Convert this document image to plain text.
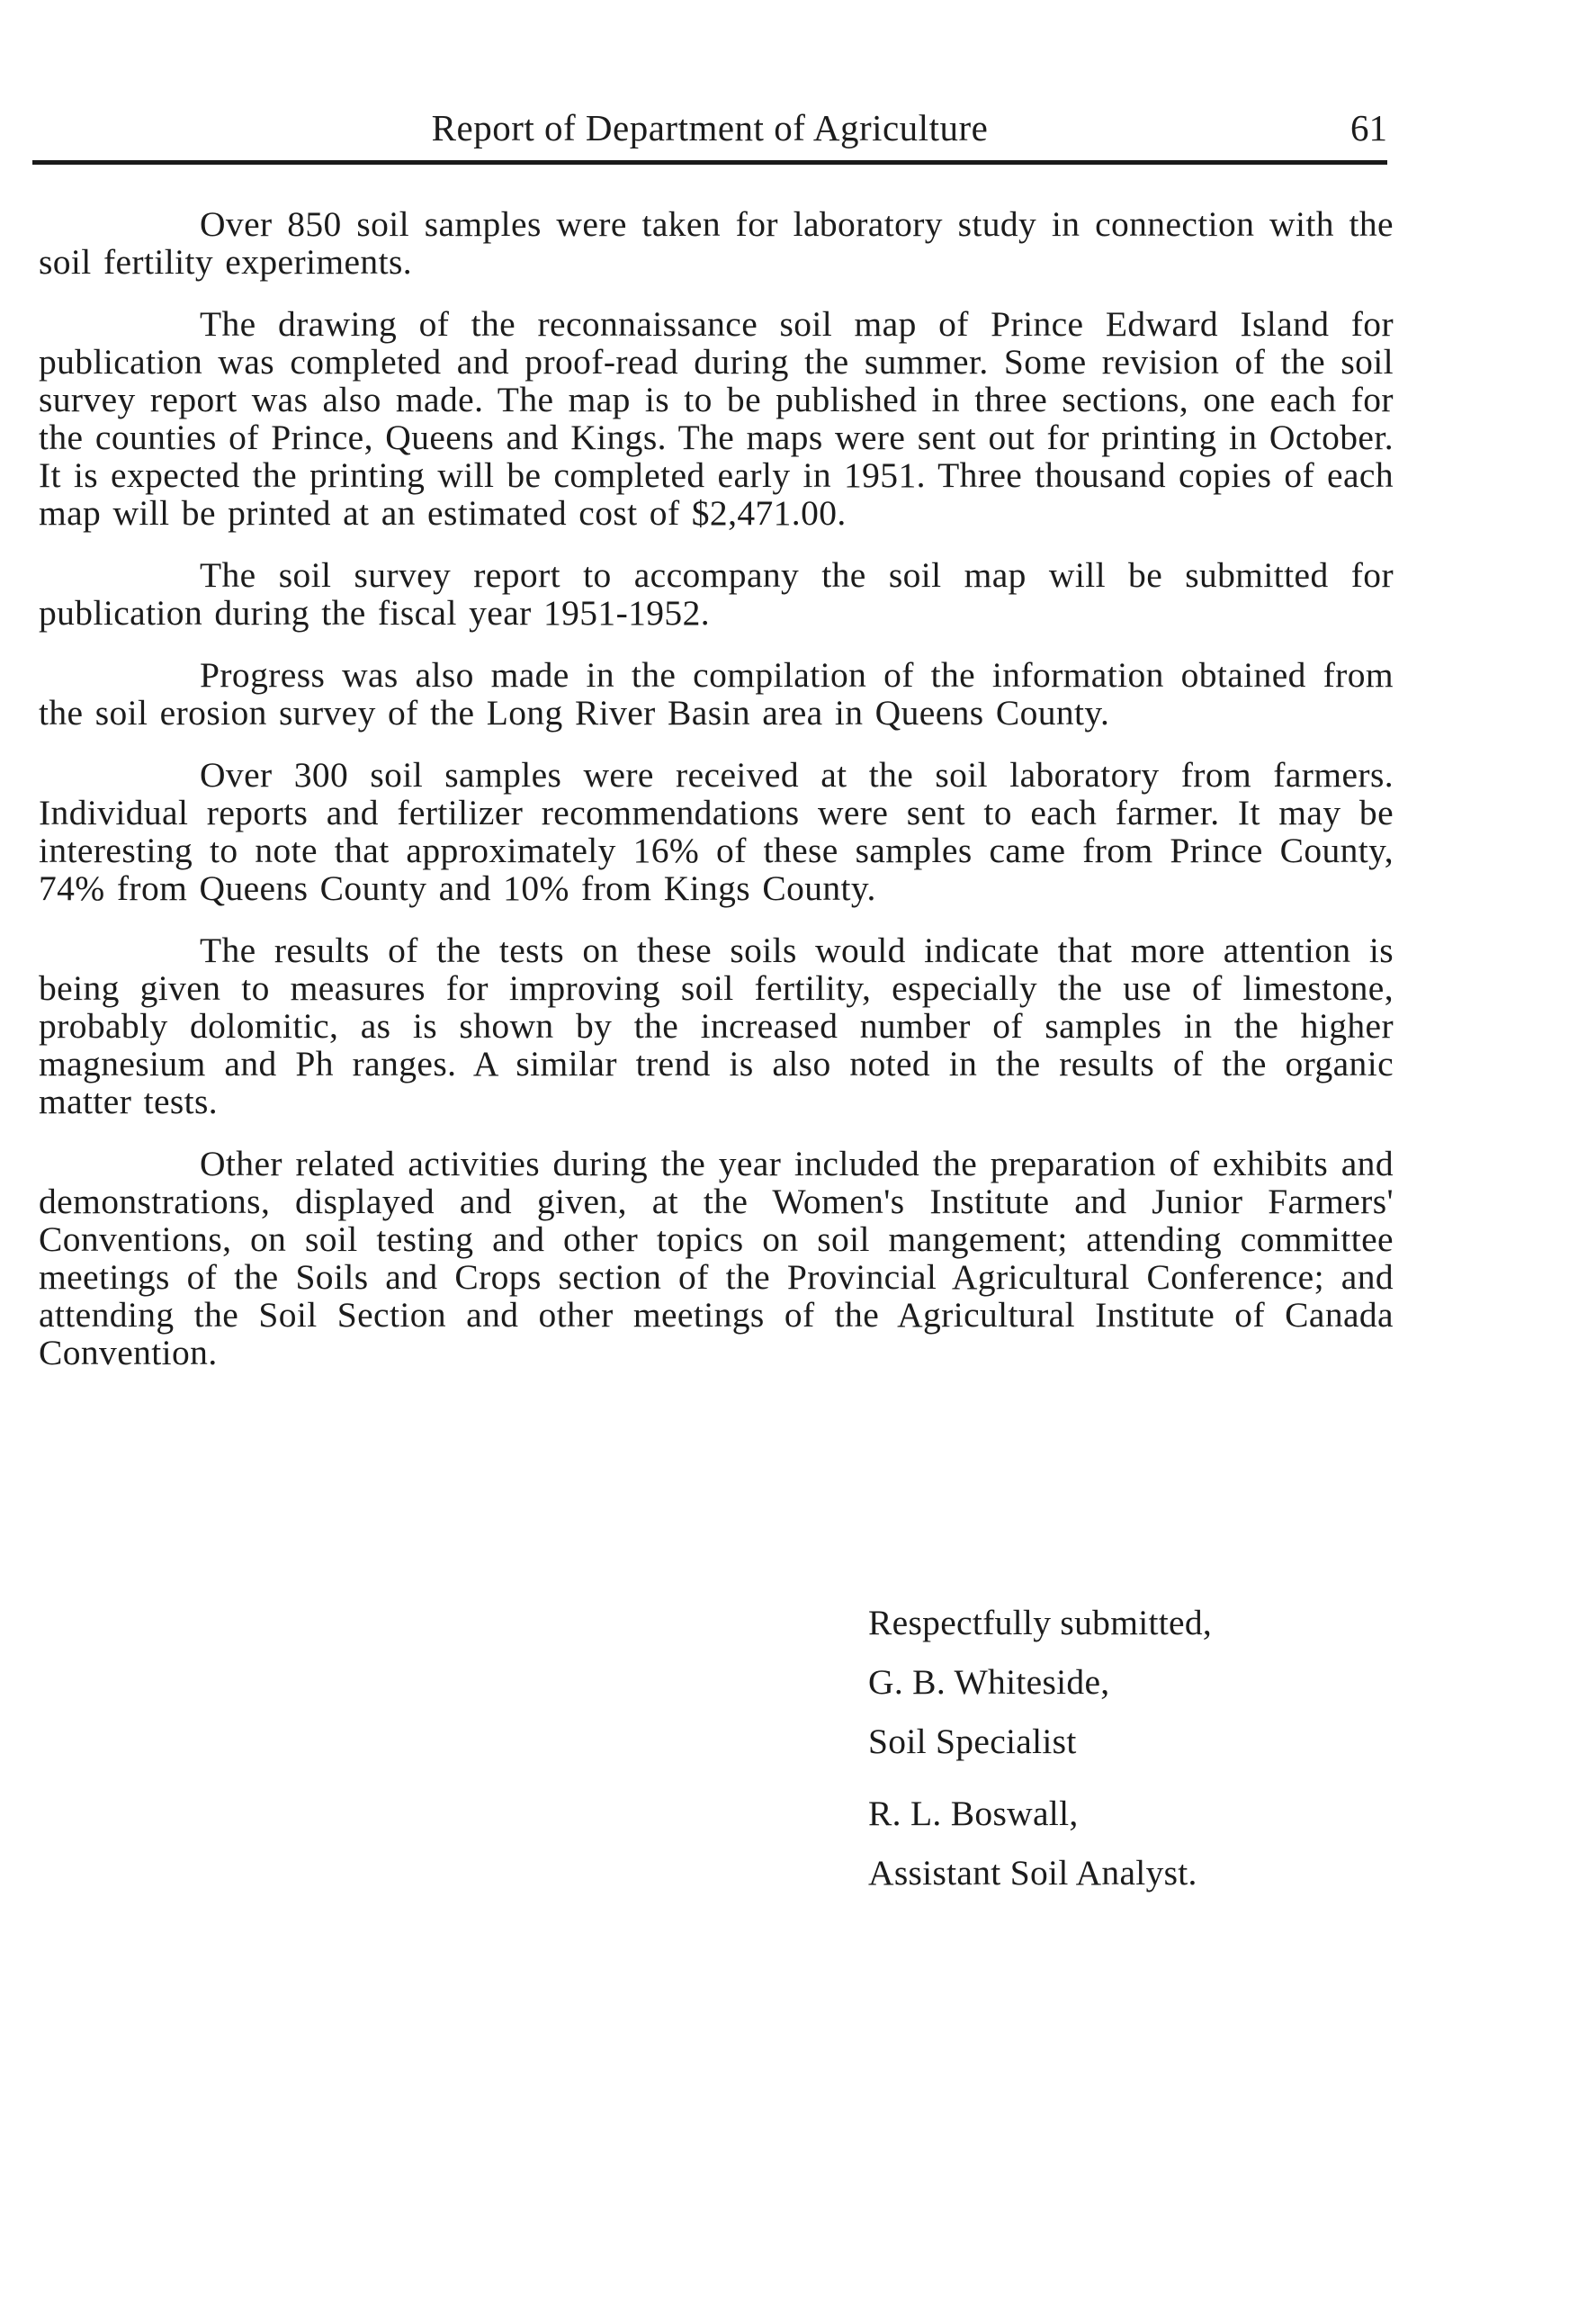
Report of Department of Agriculture	61

Over 850 soil samples were taken for laboratory study in connection with the soil fertility experiments.

The drawing of the reconnaissance soil map of Prince Edward Island for publication was completed and proof-read during the summer. Some revision of the soil survey report was also made. The map is to be published in three sections, one each for the counties of Prince, Queens and Kings. The maps were sent out for printing in October. It is expected the printing will be completed early in 1951. Three thousand copies of each map will be printed at an estimated cost of $2,471.00.

The soil survey report to accompany the soil map will be submitted for publication during the fiscal year 1951-1952.

Progress was also made in the compilation of the information obtained from the soil erosion survey of the Long River Basin area in Queens County.

Over 300 soil samples were received at the soil laboratory from farmers. Individual reports and fertilizer recommendations were sent to each farmer. It may be interesting to note that approximately 16% of these samples came from Prince County, 74% from Queens County and 10% from Kings County.

The results of the tests on these soils would indicate that more attention is being given to measures for improving soil fertility, especially the use of limestone, probably dolomitic, as is shown by the increased number of samples in the higher magnesium and Ph ranges. A similar trend is also noted in the results of the organic matter tests.

Other related activities during the year included the preparation of exhibits and demonstrations, displayed and given, at the Women's Institute and Junior Farmers' Conventions, on soil testing and other topics on soil mangement; attending committee meetings of the Soils and Crops section of the Provincial Agricultural Conference; and attending the Soil Section and other meetings of the Agricultural Institute of Canada Convention.

Respectfully submitted,
G. B. Whiteside,
Soil Specialist
R. L. Boswall,
Assistant Soil Analyst.
